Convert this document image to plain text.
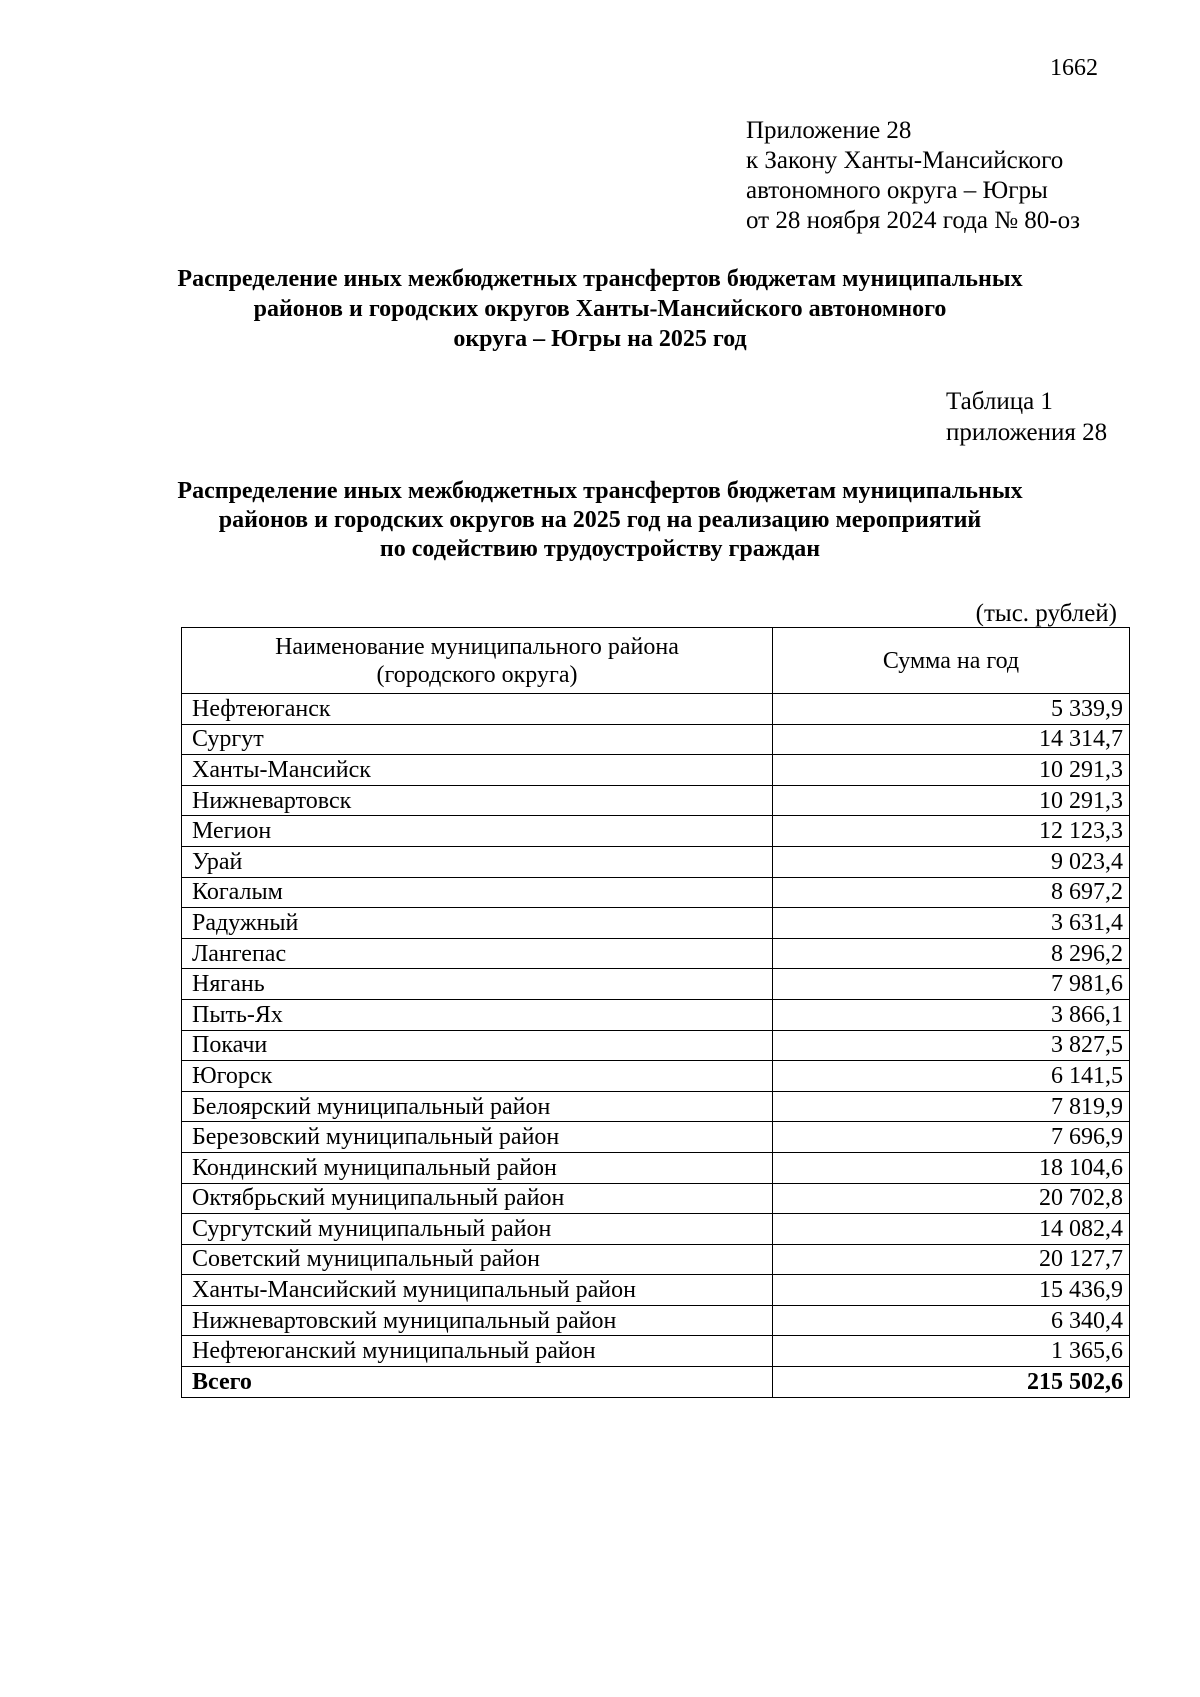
1662
Приложение 28
к Закону Ханты-Мансийского
автономного округа – Югры
от 28 ноября 2024 года № 80-оз
Распределение иных межбюджетных трансфертов бюджетам муниципальных
районов и городских округов Ханты-Мансийского автономного
округа – Югры на 2025 год
Таблица 1
приложения 28
Распределение иных межбюджетных трансфертов бюджетам муниципальных
районов и городских округов на 2025 год на реализацию мероприятий
по содействию трудоустройству граждан
(тыс. рублей)
Наименование муниципального района
(городского округа)	Сумма на год
Нефтеюганск	5 339,9
Сургут	14 314,7
Ханты-Мансийск	10 291,3
Нижневартовск	10 291,3
Мегион	12 123,3
Урай	9 023,4
Когалым	8 697,2
Радужный	3 631,4
Лангепас	8 296,2
Нягань	7 981,6
Пыть-Ях	3 866,1
Покачи	3 827,5
Югорск	6 141,5
Белоярский муниципальный район	7 819,9
Березовский муниципальный район	7 696,9
Кондинский муниципальный район	18 104,6
Октябрьский муниципальный район	20 702,8
Сургутский муниципальный район	14 082,4
Советский муниципальный район	20 127,7
Ханты-Мансийский муниципальный район	15 436,9
Нижневартовский муниципальный район	6 340,4
Нефтеюганский муниципальный район	1 365,6
Всего	215 502,6
